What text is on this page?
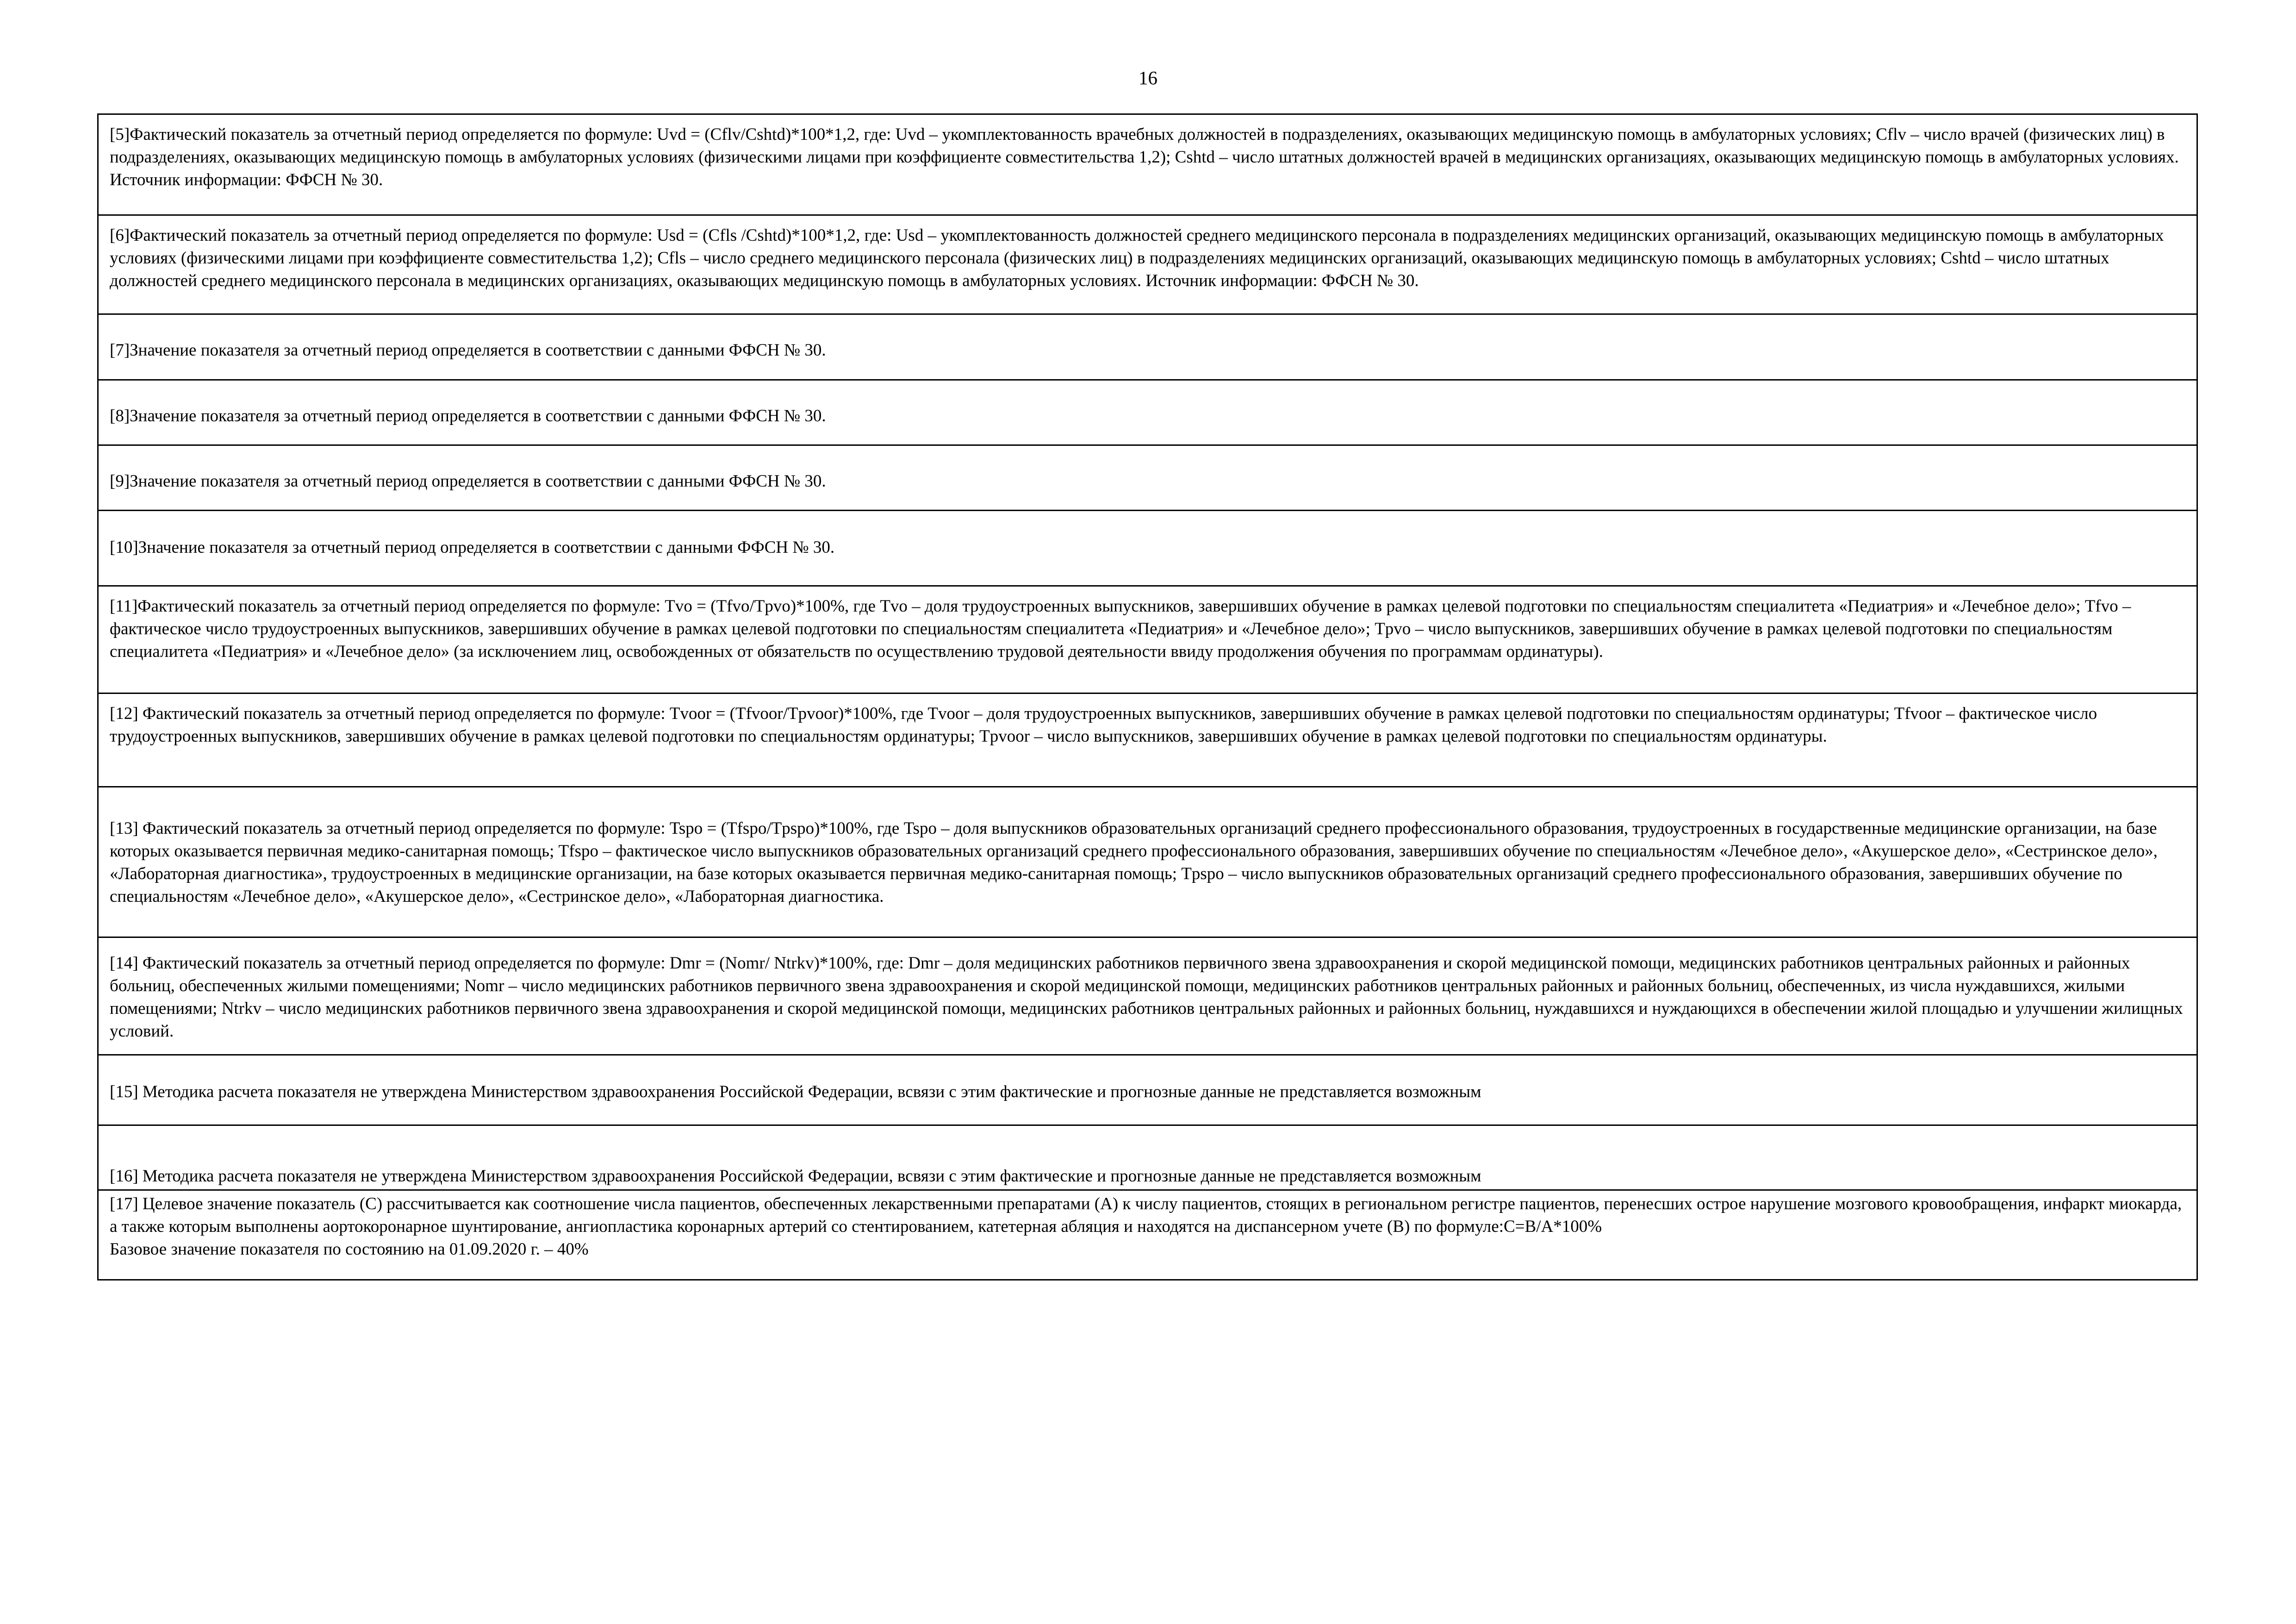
16
[5]Фактический показатель за отчетный период определяется по формуле: Uvd = (Cflv/Cshtd)*100*1,2, где: Uvd – укомплектованность врачебных должностей в подразделениях, оказывающих медицинскую помощь в амбулаторных условиях; Cflv – число врачей (физических лиц) в подразделениях, оказывающих медицинскую помощь в амбулаторных условиях (физическими лицами при коэффициенте совместительства 1,2); Cshtd – число штатных должностей врачей в медицинских организациях, оказывающих медицинскую помощь в амбулаторных условиях. Источник информации: ФФСН № 30.
[6]Фактический показатель за отчетный период определяется по формуле: Usd = (Cfls /Cshtd)*100*1,2, где: Usd – укомплектованность должностей среднего медицинского персонала в подразделениях медицинских организаций, оказывающих медицинскую помощь в амбулаторных условиях (физическими лицами при коэффициенте совместительства 1,2); Cfls – число среднего медицинского персонала (физических лиц) в подразделениях медицинских организаций, оказывающих медицинскую помощь в амбулаторных условиях; Cshtd – число штатных должностей среднего медицинского персонала в медицинских организациях, оказывающих медицинскую помощь в амбулаторных условиях. Источник информации: ФФСН № 30.
[7]Значение показателя за отчетный период определяется в соответствии с данными ФФСН № 30.
[8]Значение показателя за отчетный период определяется в соответствии с данными ФФСН № 30.
[9]Значение показателя за отчетный период определяется в соответствии с данными ФФСН № 30.
[10]Значение показателя за отчетный период определяется в соответствии с данными ФФСН № 30.
[11]Фактический показатель за отчетный период определяется по формуле: Tvo = (Tfvo/Tpvo)*100%, где Tvo – доля трудоустроенных выпускников, завершивших обучение в рамках целевой подготовки по специальностям специалитета «Педиатрия» и «Лечебное дело»; Tfvo – фактическое число трудоустроенных выпускников, завершивших обучение в рамках целевой подготовки по специальностям специалитета «Педиатрия» и «Лечебное дело»; Tpvo – число выпускников, завершивших обучение в рамках целевой подготовки по специальностям специалитета «Педиатрия» и «Лечебное дело» (за исключением лиц, освобожденных от обязательств по осуществлению трудовой деятельности ввиду продолжения обучения по программам ординатуры).
[12] Фактический показатель за отчетный период определяется по формуле: Tvoor = (Tfvoor/Tpvoor)*100%, где Tvoor – доля трудоустроенных выпускников, завершивших обучение в рамках целевой подготовки по специальностям ординатуры; Tfvoor – фактическое число трудоустроенных выпускников, завершивших обучение в рамках целевой подготовки по специальностям ординатуры; Tpvoor – число выпускников, завершивших обучение в рамках целевой подготовки по специальностям ординатуры.
[13] Фактический показатель за отчетный период определяется по формуле: Tspo = (Tfspo/Tpspo)*100%, где Tspo – доля выпускников образовательных организаций среднего профессионального образования, трудоустроенных в государственные медицинские организации, на базе которых оказывается первичная медико-санитарная помощь; Tfspo – фактическое число выпускников образовательных организаций среднего профессионального образования, завершивших обучение по специальностям «Лечебное дело», «Акушерское дело», «Сестринское дело», «Лабораторная диагностика», трудоустроенных в медицинские организации, на базе которых оказывается первичная медико-санитарная помощь; Tpspo – число выпускников образовательных организаций среднего профессионального образования, завершивших обучение по специальностям «Лечебное дело», «Акушерское дело», «Сестринское дело», «Лабораторная диагностика.
[14] Фактический показатель за отчетный период определяется по формуле: Dmr = (Nomr/ Ntrkv)*100%, где: Dmr – доля медицинских работников первичного звена здравоохранения и скорой медицинской помощи, медицинских работников центральных районных и районных больниц, обеспеченных жилыми помещениями; Nomr – число медицинских работников первичного звена здравоохранения и скорой медицинской помощи, медицинских работников центральных районных и районных больниц, обеспеченных, из числа нуждавшихся, жилыми помещениями; Ntrkv – число медицинских работников первичного звена здравоохранения и скорой медицинской помощи, медицинских работников центральных районных и районных больниц, нуждавшихся и нуждающихся в обеспечении жилой площадью и улучшении жилищных условий.
[15] Методика расчета показателя не утверждена Министерством здравоохранения Российской Федерации, всвязи с этим фактические и прогнозные данные не представляется возможным
[16] Методика расчета показателя не утверждена Министерством здравоохранения Российской Федерации, всвязи с этим фактические и прогнозные данные не представляется возможным

[17] Целевое значение показатель (С) рассчитывается как соотношение числа пациентов, обеспеченных лекарственными препаратами (А) к числу пациентов, стоящих в региональном регистре пациентов, перенесших острое нарушение мозгового кровообращения, инфаркт миокарда, а также которым выполнены аортокоронарное шунтирование, ангиопластика коронарных артерий со стентированием, катетерная абляция и находятся на диспансерном учете (В) по формуле:С=В/А*100%
Базовое значение показателя по состоянию на 01.09.2020 г. – 40%
